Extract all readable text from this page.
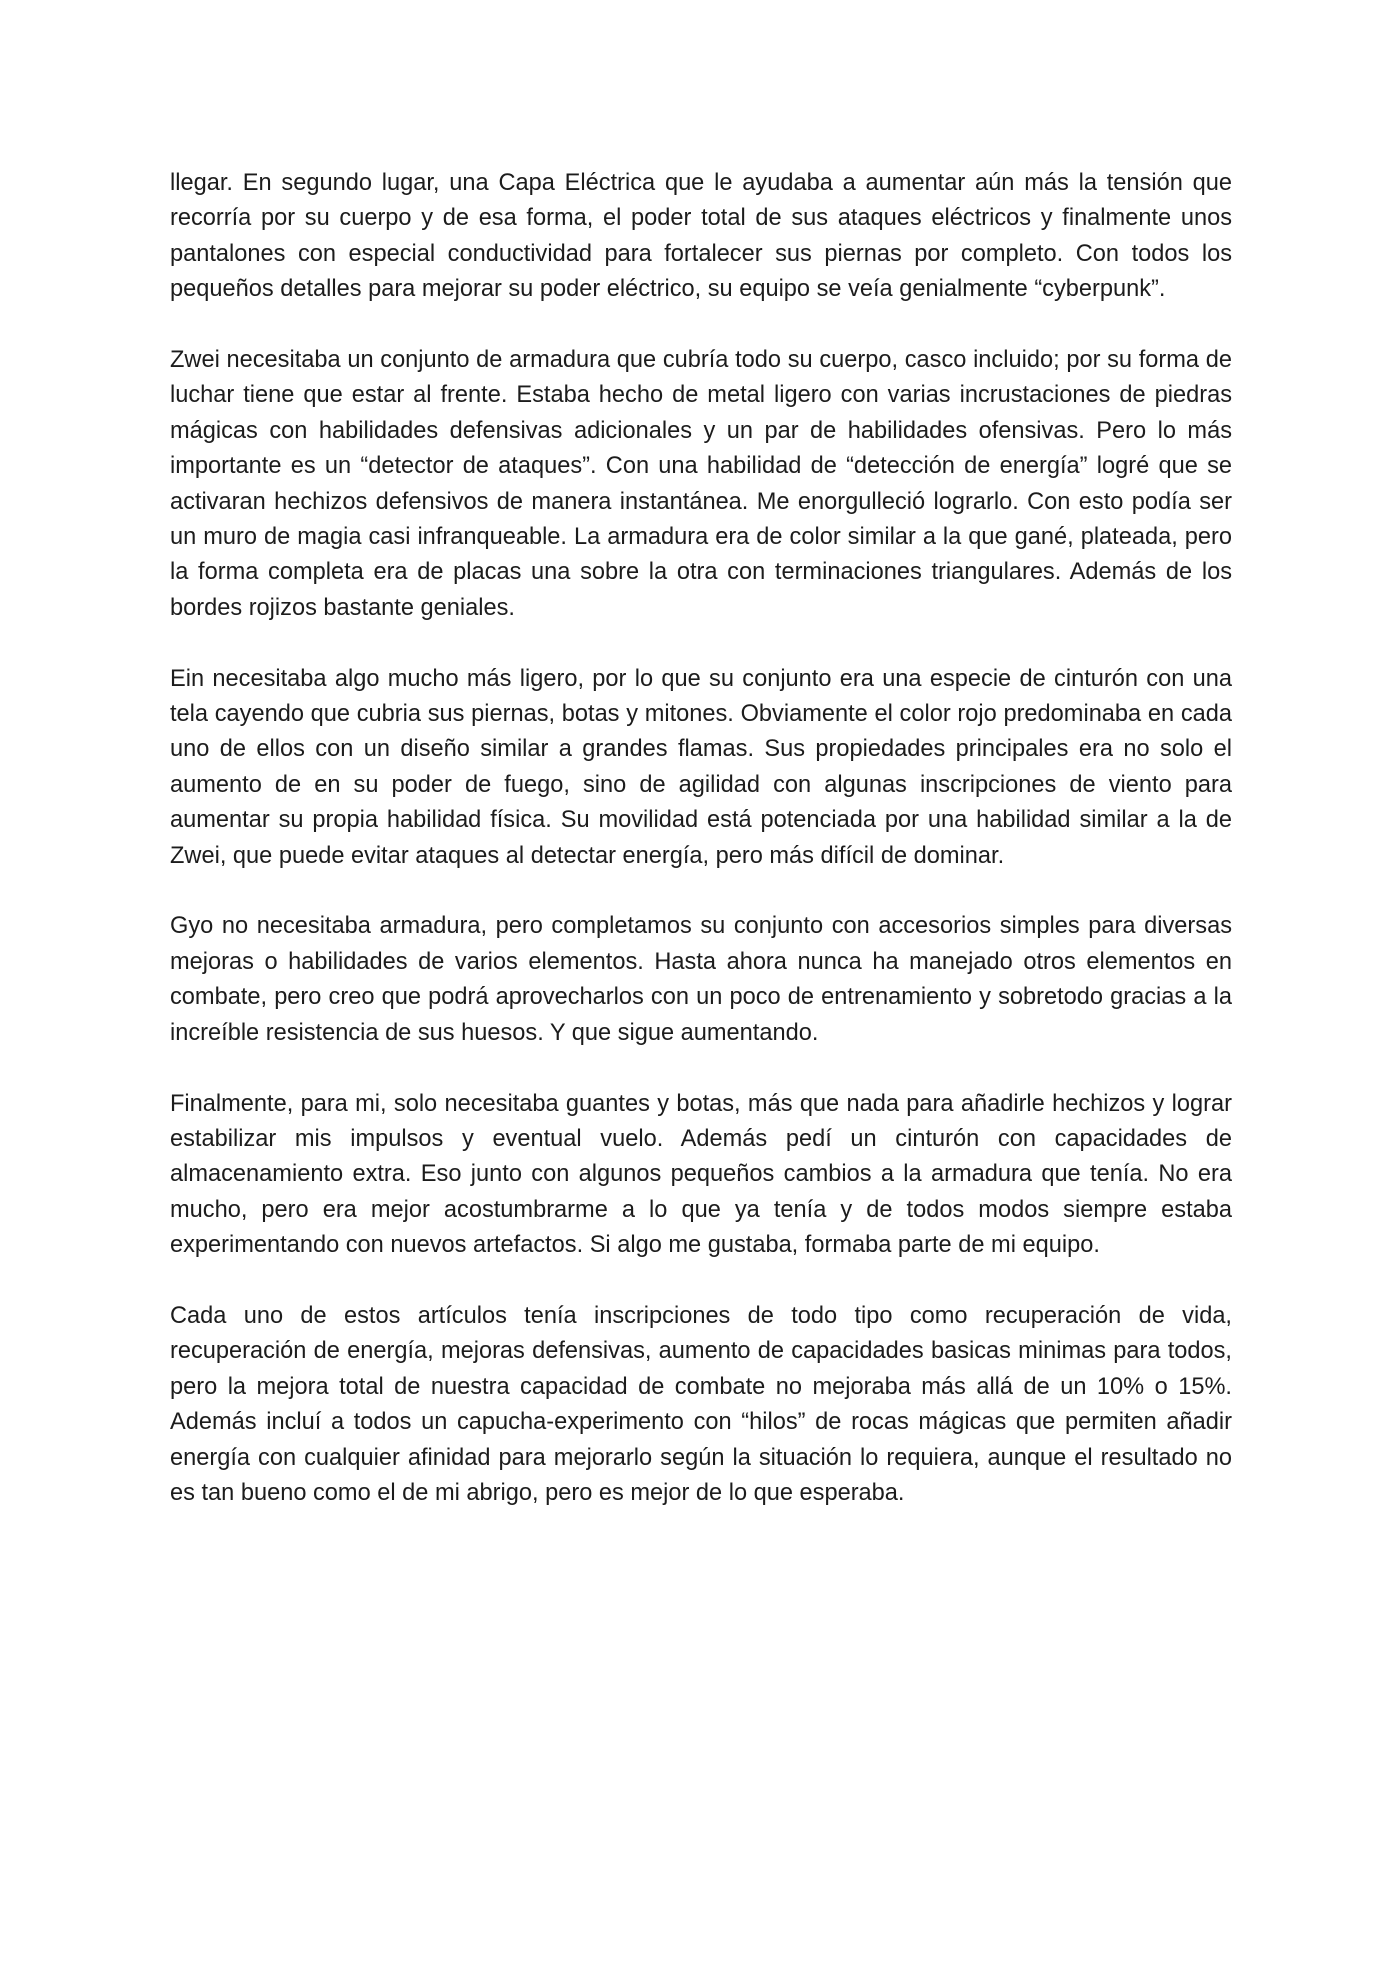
llegar. En segundo lugar, una Capa Eléctrica que le ayudaba a aumentar aún más la tensión que recorría por su cuerpo y de esa forma, el poder total de sus ataques eléctricos y finalmente unos pantalones con especial conductividad para fortalecer sus piernas por completo. Con todos los pequeños detalles para mejorar su poder eléctrico, su equipo se veía genialmente “cyberpunk”.

Zwei necesitaba un conjunto de armadura que cubría todo su cuerpo, casco incluido; por su forma de luchar tiene que estar al frente. Estaba hecho de metal ligero con varias incrustaciones de piedras mágicas con habilidades defensivas adicionales y un par de habilidades ofensivas. Pero lo más importante es un “detector de ataques”. Con una habilidad de “detección de energía” logré que se activaran hechizos defensivos de manera instantánea. Me enorgulleció lograrlo. Con esto podía ser un muro de magia casi infranqueable. La armadura era de color similar a la que gané, plateada, pero la forma completa era de placas una sobre la otra con terminaciones triangulares. Además de los bordes rojizos bastante geniales.

Ein necesitaba algo mucho más ligero, por lo que su conjunto era una especie de cinturón con una tela cayendo que cubria sus piernas, botas y mitones. Obviamente el color rojo predominaba en cada uno de ellos con un diseño similar a grandes flamas. Sus propiedades principales era no solo el aumento de en su poder de fuego, sino de agilidad con algunas inscripciones de viento para aumentar su propia habilidad física. Su movilidad está potenciada por una habilidad similar a la de Zwei, que puede evitar ataques al detectar energía, pero más difícil de dominar.

Gyo no necesitaba armadura, pero completamos su conjunto con accesorios simples para diversas mejoras o habilidades de varios elementos. Hasta ahora nunca ha manejado otros elementos en combate, pero creo que podrá aprovecharlos con un poco de entrenamiento y sobretodo gracias a la increíble resistencia de sus huesos. Y que sigue aumentando.

Finalmente, para mi, solo necesitaba guantes y botas, más que nada para añadirle hechizos y lograr estabilizar mis impulsos y eventual vuelo. Además pedí un cinturón con capacidades de almacenamiento extra. Eso junto con algunos pequeños cambios a la armadura que tenía. No era mucho, pero era mejor acostumbrarme a lo que ya tenía y de todos modos siempre estaba experimentando con nuevos artefactos. Si algo me gustaba, formaba parte de mi equipo.

Cada uno de estos artículos tenía inscripciones de todo tipo como recuperación de vida, recuperación de energía, mejoras defensivas, aumento de capacidades basicas minimas para todos, pero la mejora total de nuestra capacidad de combate no mejoraba más allá de un 10% o 15%. Además incluí a todos un capucha-experimento con “hilos” de rocas mágicas que permiten añadir energía con cualquier afinidad para mejorarlo según la situación lo requiera, aunque el resultado no es tan bueno como el de mi abrigo, pero es mejor de lo que esperaba.
